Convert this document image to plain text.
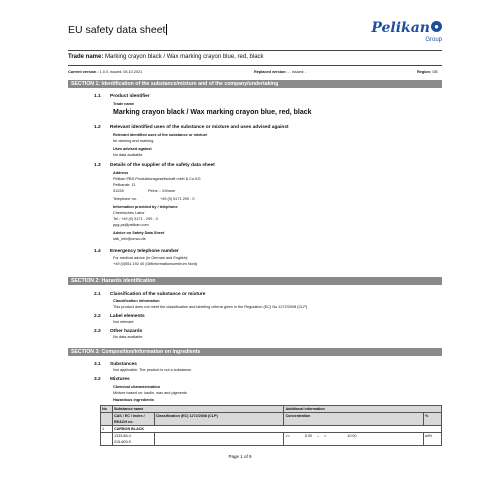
EU safety data sheet	Pelikan ●
Group
Trade name: Marking crayon black / Wax marking crayon blue, red, black
Current version : 1.0.0, issued: 05.10.2021	Replaced version: - , issued: -	Region: GB
SECTION 1: Identification of the substance/mixture and of the company/undertaking
1.1 Product identifier
Trade name
Marking crayon black / Wax marking crayon blue, red, black
1.2 Relevant identified uses of the substance or mixture and uses advised against
Relevant identified uses of the substance or mixture
for winning and marking
Uses advised against
No data available.
1.3 Details of the supplier of the safety data sheet
Address
Pelikan PBS-Produktionsgesellschaft mbH & Co.KG
Pelikanstr. 11
31228	Peine – Vöhrum
Telephone no.	+49 (0) 5171 299 - 0
Information provided by / telephone
Chemisches Labor
Tel.: +49 (0) 5171 - 299 - 0
ppg-ps@pelikan.com
Advice on Safety Data Sheet
sdb_info@umco.de
1.4 Emergency telephone number
For medical advice (in German and English):
+49 (0)551 192 40 (Giftinformationszentrum Nord)
SECTION 2: Hazards identification
2.1 Classification of the substance or mixture
Classification information
This product does not meet the classification and labelling criteria given in the Regulation (EC) No 1272/2008 (CLP).
2.2 Label elements
Not relevant
2.3 Other hazards
No data available.
SECTION 3: Composition/information on ingredients
3.1 Substances
Not applicable. The product is not a substance.
3.2 Mixtures
Chemical characterization
Mixture based on: kaolin, wax and pigments
Hazardous ingredients
No	Substance name		Additional information	
	CAS / EC / Index / REACH no	Classification (EC) 1272/2008 (CLP)	Concentration	%
1	CARBON BLACK			

	1333-86-4
215-609-9		>= 5.00 – < 10.00	wt%
Page 1 of 9
